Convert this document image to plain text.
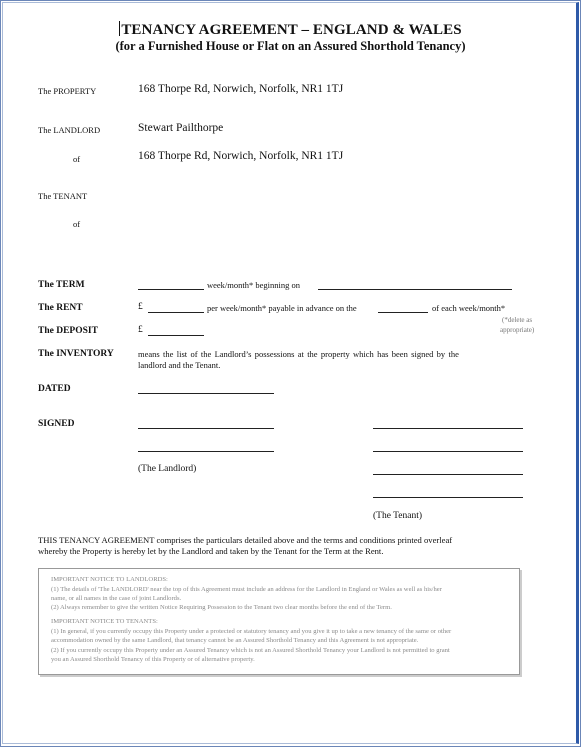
TENANCY AGREEMENT – ENGLAND & WALES
(for a Furnished House or Flat on an Assured Shorthold Tenancy)
The PROPERTY	168 Thorpe Rd, Norwich, Norfolk, NR1 1TJ
The LANDLORD	Stewart Pailthorpe
of	168 Thorpe Rd, Norwich, Norfolk, NR1 1TJ
The TENANT
of
The TERM	week/month* beginning on
The RENT	£	per week/month* payable in advance on the	of each week/month*
(*delete as
appropriate)
The DEPOSIT	£
The INVENTORY	means the list of the Landlord’s possessions at the property which has been signed by the
landlord and the Tenant.
DATED
SIGNED
(The Landlord)
(The Tenant)
THIS TENANCY AGREEMENT comprises the particulars detailed above and the terms and conditions printed overleaf
whereby the Property is hereby let by the Landlord and taken by the Tenant for the Term at the Rent.
IMPORTANT NOTICE TO LANDLORDS:
(1) The details of 'The LANDLORD' near the top of this Agreement must include an address for the Landlord in England or Wales as well as his/her
name, or all names in the case of joint Landlords.
(2) Always remember to give the written Notice Requiring Possession to the Tenant two clear months before the end of the Term.
IMPORTANT NOTICE TO TENANTS:
(1) In general, if you currently occupy this Property under a protected or statutory tenancy and you give it up to take a new tenancy of the same or other
accommodation owned by the same Landlord, that tenancy cannot be an Assured Shorthold Tenancy and this Agreement is not appropriate.
(2) If you currently occupy this Property under an Assured Tenancy which is not an Assured Shorthold Tenancy your Landlord is not permitted to grant
you an Assured Shorthold Tenancy of this Property or of alternative property.
